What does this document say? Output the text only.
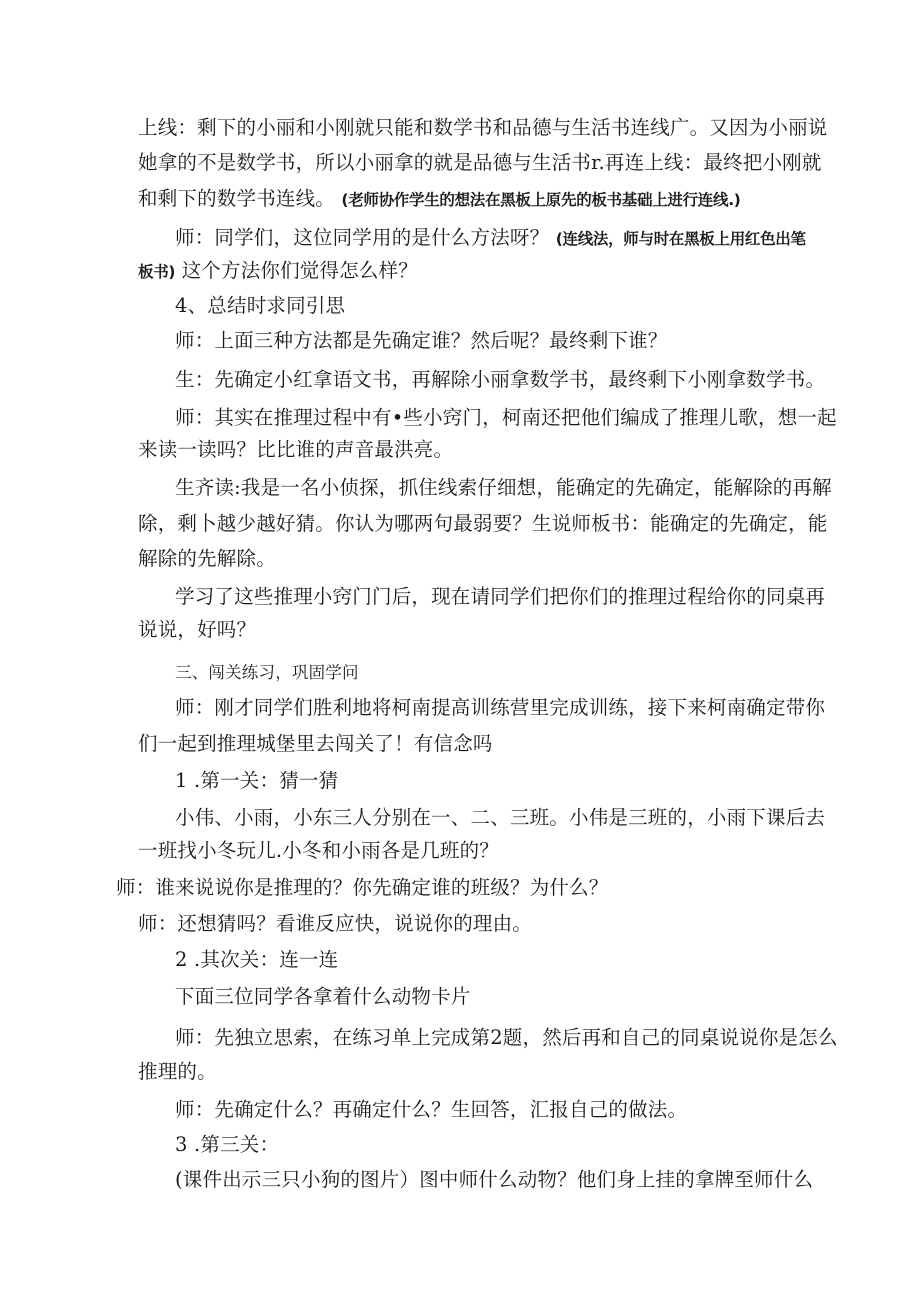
上线：剩下的小丽和小刚就只能和数学书和品德与生活书连线广。又因为小丽说
她拿的不是数学书，所以小丽拿的就是品德与生活书r.再连上线：最终把小刚就
和剩下的数学书连线。 (老师协作学生的想法在黑板上原先的板书基础上进行连线.)
师：同学们，这位同学用的是什么方法呀？ (连线法，师与时在黑板上用红色出笔
板书) 这个方法你们觉得怎么样？
4、总结时求同引思
师：上面三种方法都是先确定谁？然后呢？最终剩下谁？
生：先确定小红拿语文书，再解除小丽拿数学书，最终剩下小刚拿数学书。
师：其实在推理过程中有•些小窍门，柯南还把他们编成了推理儿歌，想一起
来读一读吗？比比谁的声音最洪亮。
生齐读:我是一名小侦探，抓住线索仔细想，能确定的先确定，能解除的再解
除，剩卜越少越好猜。你认为哪两句最弱要？生说师板书：能确定的先确定，能
解除的先解除。
学习了这些推理小窍门门后，现在请同学们把你们的推理过程给你的同桌再
说说，好吗？
三、闯关练习，巩固学问
师：刚才同学们胜利地将柯南提高训练营里完成训练，接下来柯南确定带你
们一起到推理城堡里去闯关了！有信念吗
1 .第一关：猜一猜
小伟、小雨，小东三人分别在一、二、三班。小伟是三班的，小雨下课后去
一班找小冬玩儿.小冬和小雨各是几班的？
师：谁来说说你是推理的？你先确定谁的班级？为什么？
师：还想猜吗？看谁反应快，说说你的理由。
2 .其次关：连一连
下面三位同学各拿着什么动物卡片
师：先独立思索，在练习单上完成第2题，然后再和自己的同桌说说你是怎么
推理的。
师：先确定什么？再确定什么？生回答，汇报自己的做法。
3 .第三关：
(课件出示三只小狗的图片）图中师什么动物？他们身上挂的拿牌至师什么
